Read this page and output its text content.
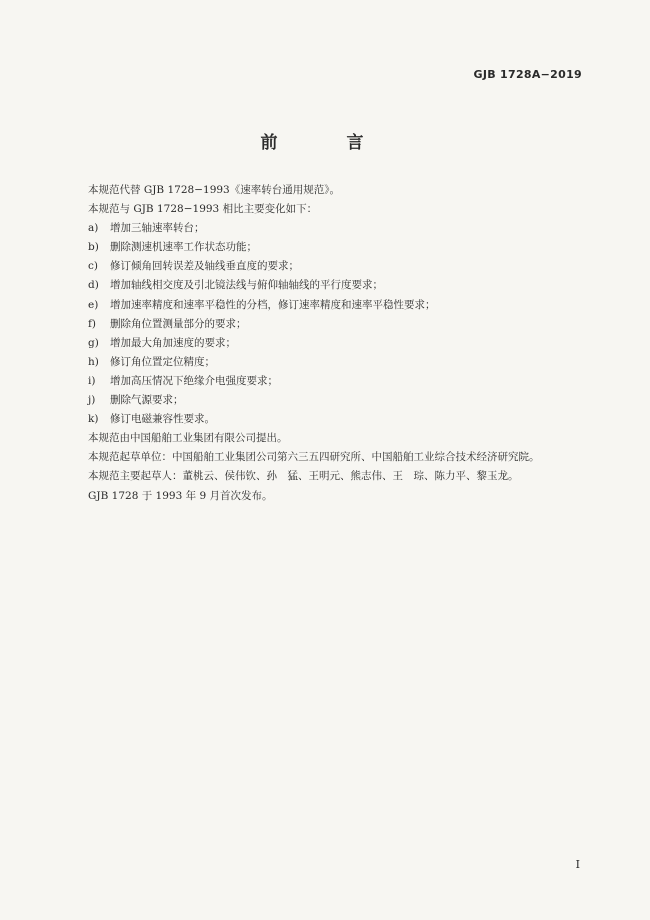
GJB 1728A−2019
前　言
本规范代替 GJB 1728−1993《速率转台通用规范》。
本规范与 GJB 1728−1993 相比主要变化如下：
a)	增加三轴速率转台；
b)	删除测速机速率工作状态功能；
c)	修订倾角回转误差及轴线垂直度的要求；
d)	增加轴线相交度及引北镜法线与俯仰轴轴线的平行度要求；
e)	增加速率精度和速率平稳性的分档，修订速率精度和速率平稳性要求；
f)	删除角位置测量部分的要求；
g)	增加最大角加速度的要求；
h)	修订角位置定位精度；
i)	增加高压情况下绝缘介电强度要求；
j)	删除气源要求；
k)	修订电磁兼容性要求。
本规范由中国船舶工业集团有限公司提出。
本规范起草单位：中国船舶工业集团公司第六三五四研究所、中国船舶工业综合技术经济研究院。
本规范主要起草人：董桃云、侯伟钦、孙　猛、王明元、熊志伟、王　琮、陈力平、黎玉龙。
GJB 1728 于 1993 年 9 月首次发布。
I
